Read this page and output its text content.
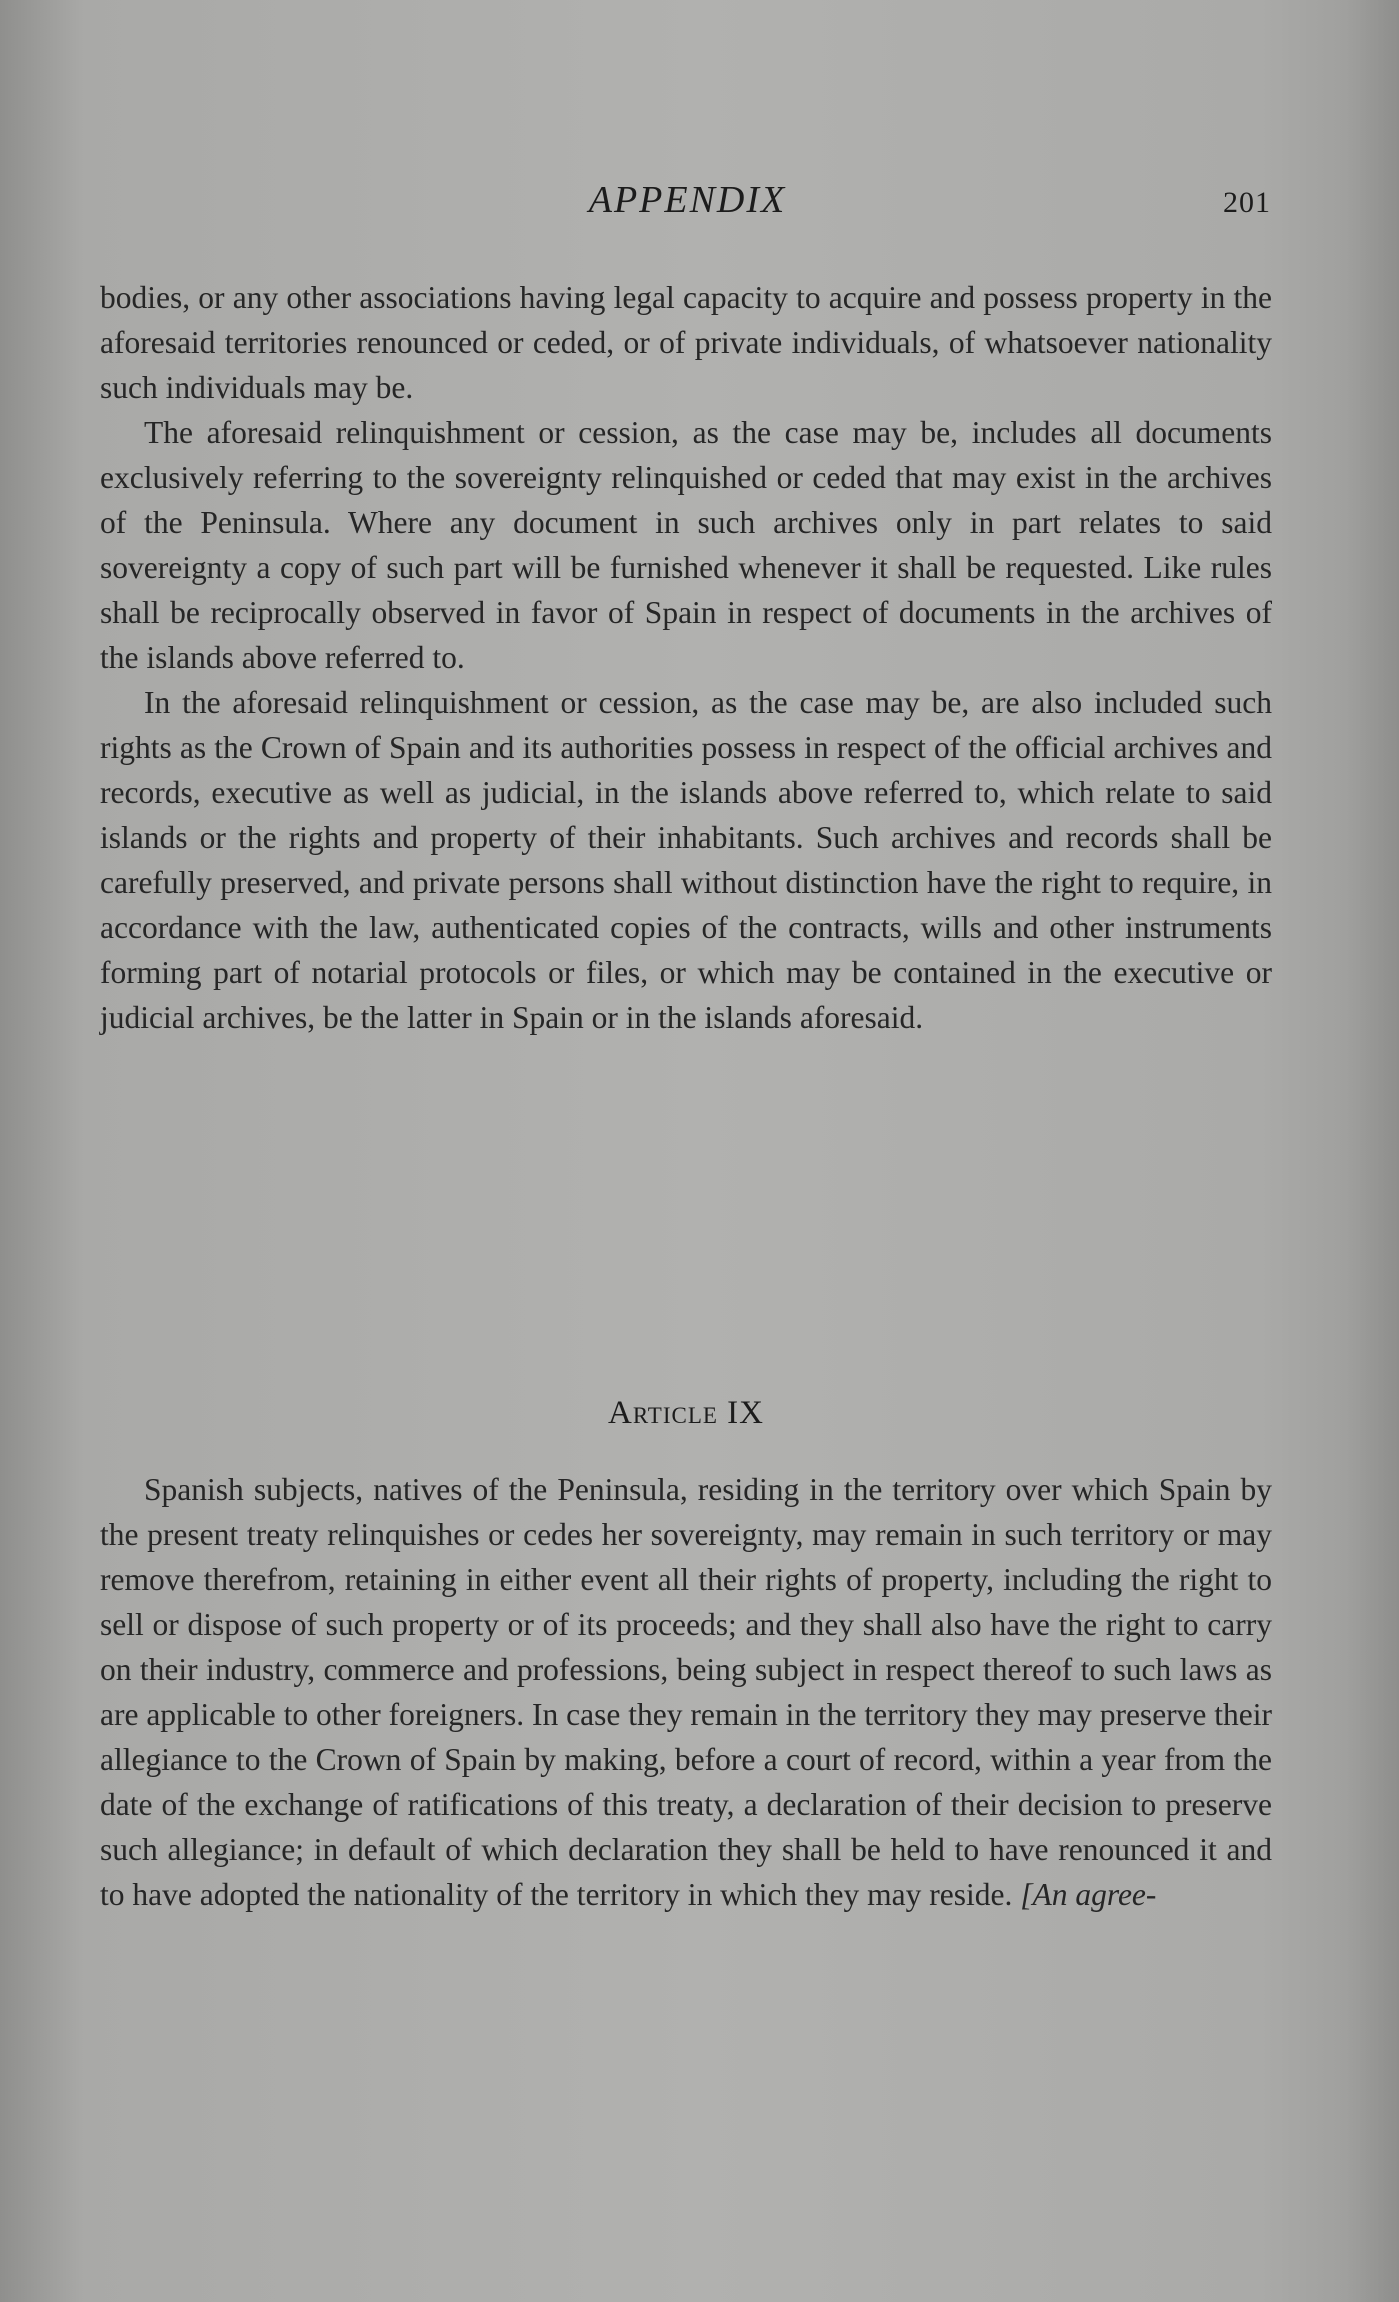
APPENDIX	201

bodies, or any other associations having legal capacity to acquire and possess property in the aforesaid territories renounced or ceded, or of private individuals, of whatsoever nationality such individuals may be.

The aforesaid relinquishment or cession, as the case may be, includes all documents exclusively referring to the sovereignty relinquished or ceded that may exist in the archives of the Peninsula. Where any document in such archives only in part relates to said sovereignty a copy of such part will be furnished whenever it shall be requested. Like rules shall be reciprocally observed in favor of Spain in respect of documents in the archives of the islands above referred to.

In the aforesaid relinquishment or cession, as the case may be, are also included such rights as the Crown of Spain and its authorities possess in respect of the official archives and records, executive as well as judicial, in the islands above referred to, which relate to said islands or the rights and property of their inhabitants. Such archives and records shall be carefully preserved, and private persons shall without distinction have the right to require, in accordance with the law, authenticated copies of the contracts, wills and other instruments forming part of notarial protocols or files, or which may be contained in the executive or judicial archives, be the latter in Spain or in the islands aforesaid.

Article IX

Spanish subjects, natives of the Peninsula, residing in the territory over which Spain by the present treaty relinquishes or cedes her sovereignty, may remain in such territory or may remove therefrom, retaining in either event all their rights of property, including the right to sell or dispose of such property or of its proceeds; and they shall also have the right to carry on their industry, commerce and professions, being subject in respect thereof to such laws as are applicable to other foreigners. In case they remain in the territory they may preserve their allegiance to the Crown of Spain by making, before a court of record, within a year from the date of the exchange of ratifications of this treaty, a declaration of their decision to preserve such allegiance; in default of which declaration they shall be held to have renounced it and to have adopted the nationality of the territory in which they may reside. [An agree-
